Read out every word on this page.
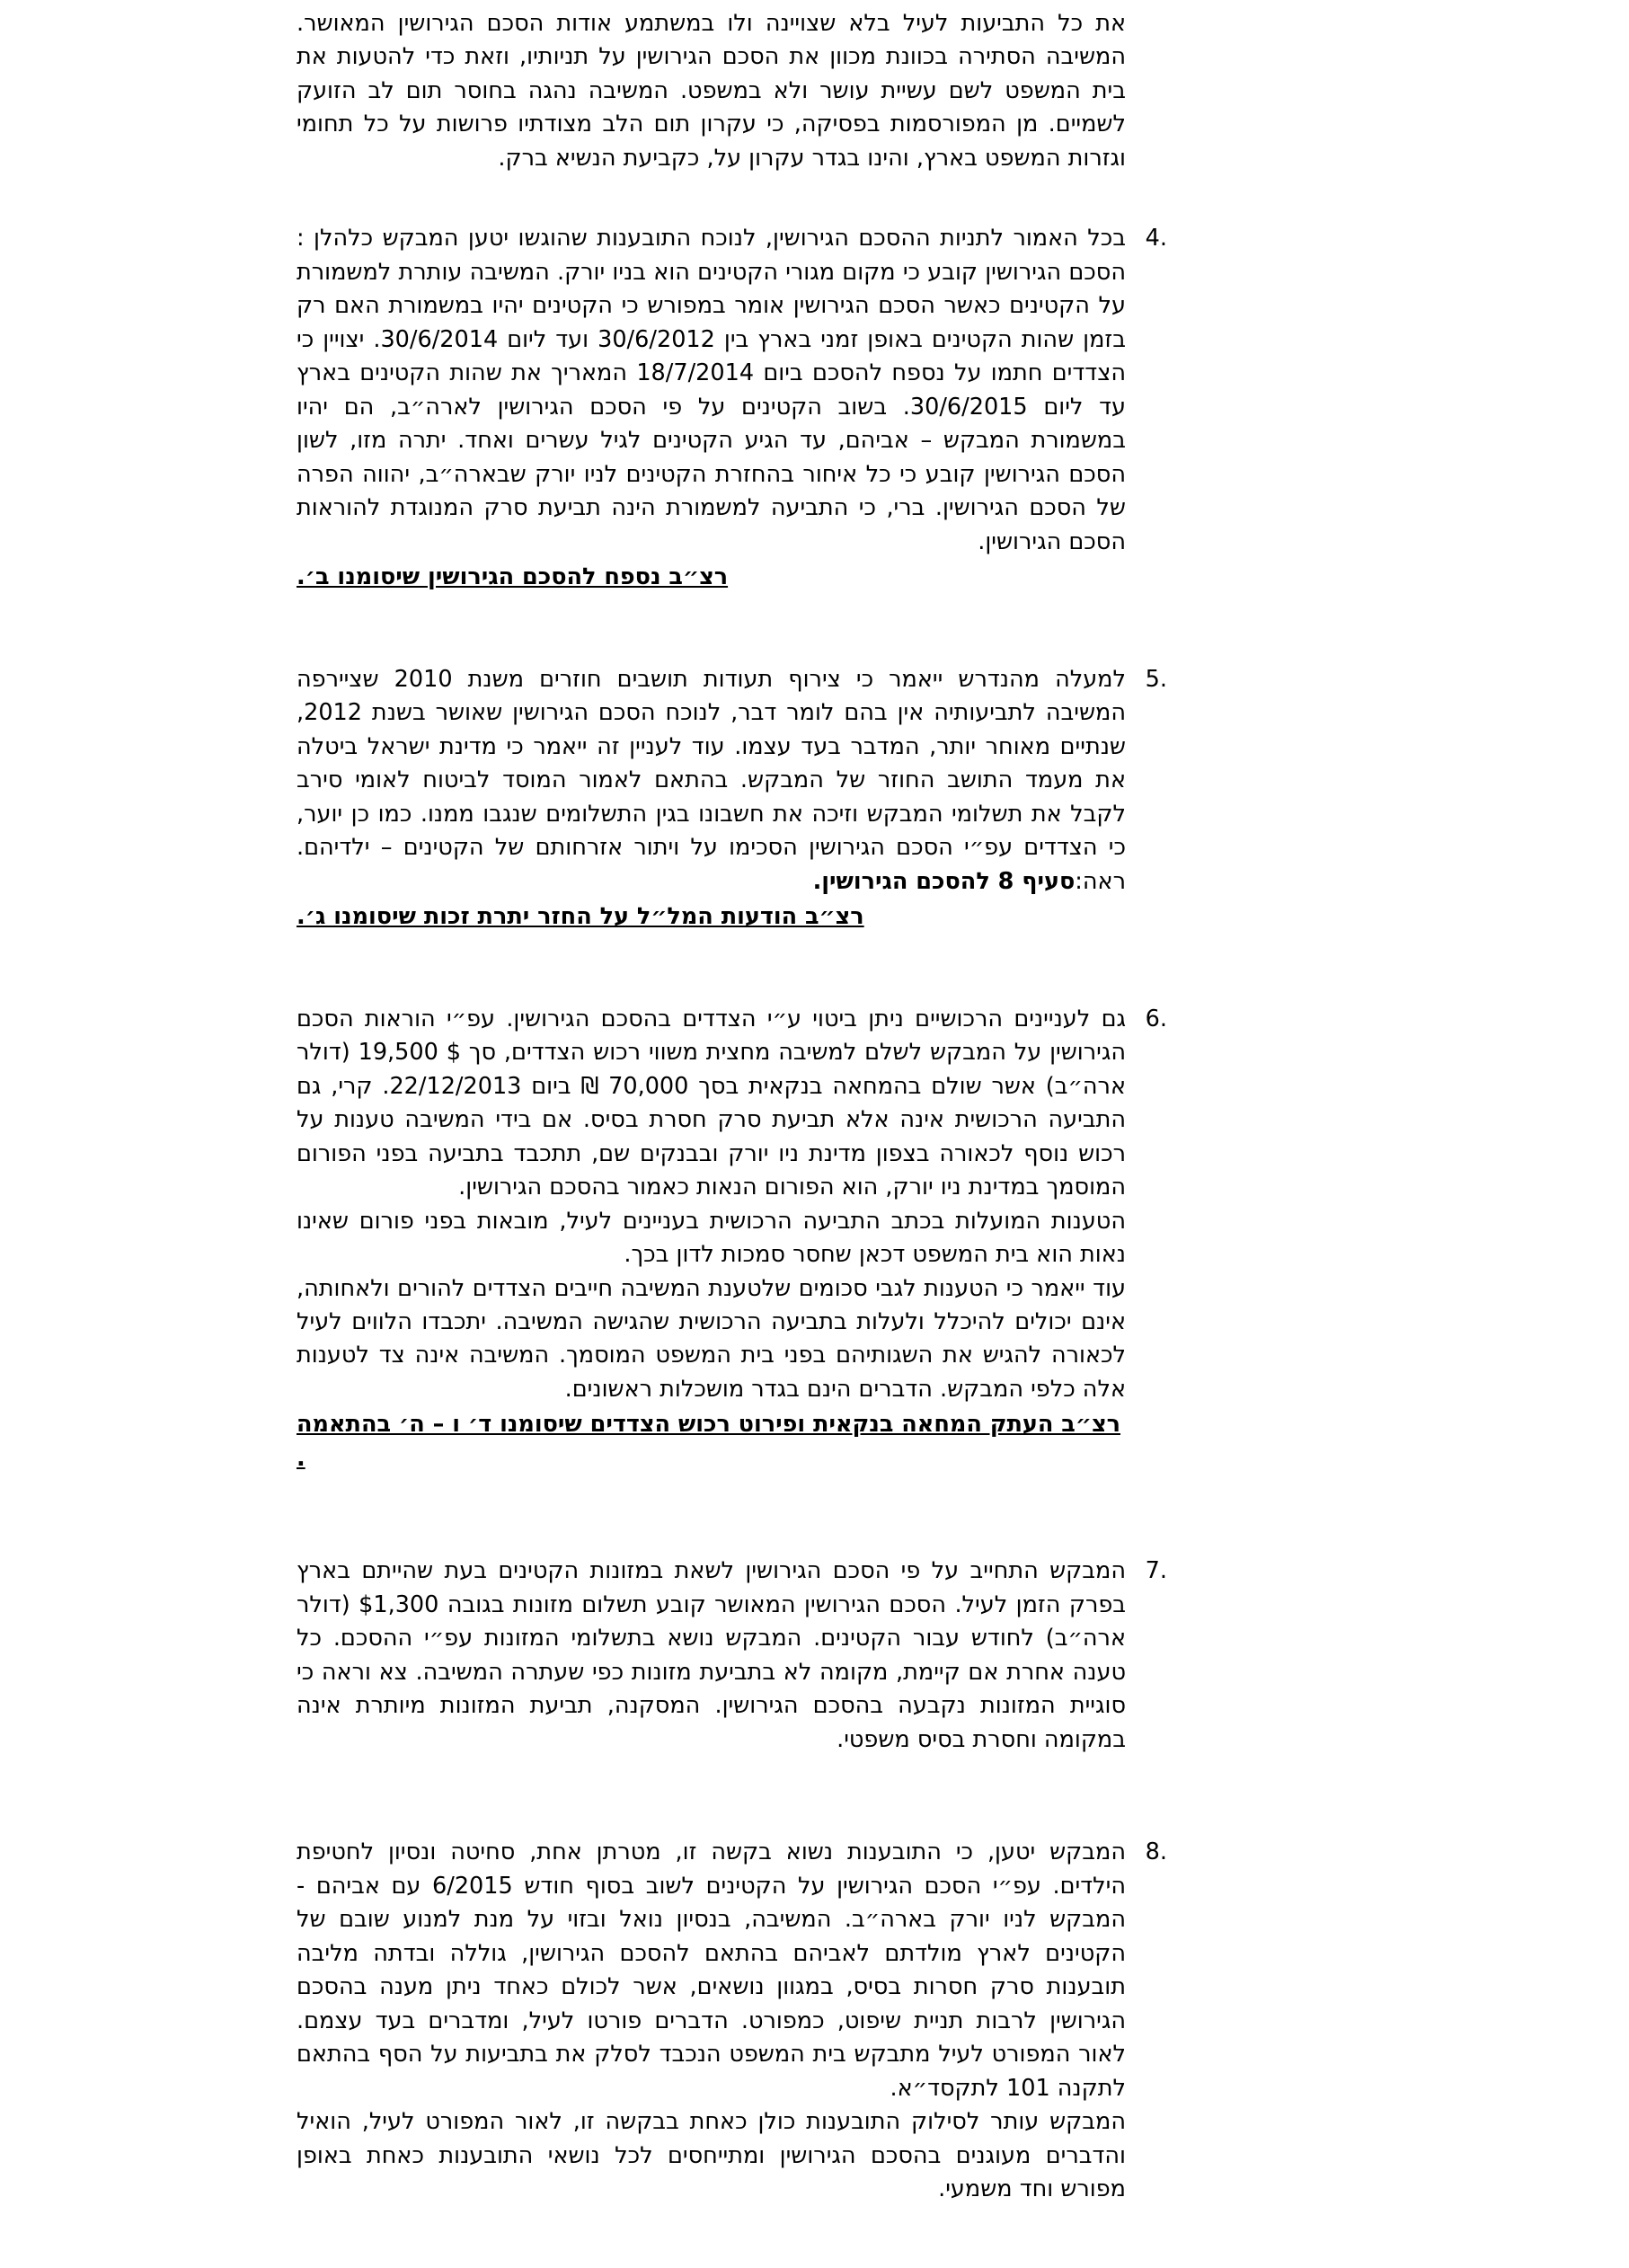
את כל התביעות לעיל בלא שצויינה ולו במשתמע אודות הסכם הגירושין המאושר. המשיבה הסתירה בכוונת מכוון את הסכם הגירושין על תניותיו, וזאת כדי להטעות את בית המשפט לשם עשיית עושר ולא במשפט. המשיבה נהגה בחוסר תום לב הזועק לשמיים. מן המפורסמות בפסיקה, כי עקרון תום הלב מצודתיו פרושות על כל תחומי וגזרות המשפט בארץ, והינו בגדר עקרון על, כקביעת הנשיא ברק.

4.

בכל האמור לתניות ההסכם הגירושין, לנוכח התובענות שהוגשו יטען המבקש כלהלן : הסכם הגירושין קובע כי מקום מגורי הקטינים הוא בניו יורק. המשיבה עותרת למשמורת על הקטינים כאשר הסכם הגירושין אומר במפורש כי הקטינים יהיו במשמורת האם רק בזמן שהות הקטינים באופן זמני בארץ בין 30/6/2012 ועד ליום 30/6/2014. יצויין כי הצדדים חתמו על נספח להסכם ביום 18/7/2014 המאריך את שהות הקטינים בארץ עד ליום 30/6/2015. בשוב הקטינים על פי הסכם הגירושין לארה״ב, הם יהיו במשמורת המבקש – אביהם, עד הגיע הקטינים לגיל עשרים ואחד. יתרה מזו, לשון הסכם הגירושין קובע כי כל איחור בהחזרת הקטינים לניו יורק שבארה״ב, יהווה הפרה של הסכם הגירושין. ברי, כי התביעה למשמורת הינה תביעת סרק המנוגדת להוראות הסכם הגירושין.

רצ״ב נספח להסכם הגירושין שיסומנו ב׳.

5.

למעלה מהנדרש ייאמר כי צירוף תעודות תושבים חוזרים משנת 2010 שציירפה המשיבה לתביעותיה אין בהם לומר דבר, לנוכח הסכם הגירושין שאושר בשנת 2012, שנתיים מאוחר יותר, המדבר בעד עצמו. עוד לעניין זה ייאמר כי מדינת ישראל ביטלה את מעמד התושב החוזר של המבקש. בהתאם לאמור המוסד לביטוח לאומי סירב לקבל את תשלומי המבקש וזיכה את חשבונו בגין התשלומים שנגבו ממנו. כמו כן יוער, כי הצדדים עפ״י הסכם הגירושין הסכימו על ויתור אזרחותם של הקטינים – ילדיהם. ראה:סעיף 8 להסכם הגירושין.

רצ״ב הודעות המל״ל על החזר יתרת זכות שיסומנו ג׳.

6.

גם לעניינים הרכושיים ניתן ביטוי ע״י הצדדים בהסכם הגירושין. עפ״י הוראות הסכם הגירושין על המבקש לשלם למשיבה מחצית משווי רכוש הצדדים, סך $ 19,500 (דולר ארה״ב) אשר שולם בהמחאה בנקאית בסך 70,000 ₪ ביום 22/12/2013. קרי, גם התביעה הרכושית אינה אלא תביעת סרק חסרת בסיס. אם בידי המשיבה טענות על רכוש נוסף לכאורה בצפון מדינת ניו יורק ובבנקים שם, תתכבד בתביעה בפני הפורום המוסמך במדינת ניו יורק, הוא הפורום הנאות כאמור בהסכם הגירושין.

הטענות המועלות בכתב התביעה הרכושית בעניינים לעיל, מובאות בפני פורום שאינו נאות הוא בית המשפט דכאן שחסר סמכות לדון בכך.

עוד ייאמר כי הטענות לגבי סכומים שלטענת המשיבה חייבים הצדדים להורים ולאחותה, אינם יכולים להיכלל ולעלות בתביעה הרכושית שהגישה המשיבה. יתכבדו הלווים לעיל לכאורה להגיש את השגותיהם בפני בית המשפט המוסמך. המשיבה אינה צד לטענות אלה כלפי המבקש. הדברים הינם בגדר מושכלות ראשונים.

רצ״ב העתק המחאה בנקאית ופירוט רכוש הצדדים שיסומנו ד׳ ו – ה׳ בהתאמה .

7.

המבקש התחייב על פי הסכם הגירושין לשאת במזונות הקטינים בעת שהייתם בארץ בפרק הזמן לעיל. הסכם הגירושין המאושר קובע תשלום מזונות בגובה $1,300 (דולר ארה״ב) לחודש עבור הקטינים. המבקש נושא בתשלומי המזונות עפ״י ההסכם. כל טענה אחרת אם קיימת, מקומה לא בתביעת מזונות כפי שעתרה המשיבה. צא וראה כי סוגיית המזונות נקבעה בהסכם הגירושין. המסקנה, תביעת המזונות מיותרת אינה במקומה וחסרת בסיס משפטי.

8.

המבקש יטען, כי התובענות נשוא בקשה זו, מטרתן אחת, סחיטה ונסיון לחטיפת הילדים. עפ״י הסכם הגירושין על הקטינים לשוב בסוף חודש 6/2015 עם אביהם - המבקש לניו יורק בארה״ב. המשיבה, בנסיון נואל ובזוי על מנת למנוע שובם של הקטינים לארץ מולדתם לאביהם בהתאם להסכם הגירושין, גוללה ובדתה מליבה תובענות סרק חסרות בסיס, במגוון נושאים, אשר לכולם כאחד ניתן מענה בהסכם הגירושין לרבות תניית שיפוט, כמפורט. הדברים פורטו לעיל, ומדברים בעד עצמם. לאור המפורט לעיל מתבקש בית המשפט הנכבד לסלק את בתביעות על הסף בהתאם לתקנה 101 לתקסד״א.

המבקש עותר לסילוק התובענות כולן כאחת בבקשה זו, לאור המפורט לעיל, הואיל והדברים מעוגנים בהסכם הגירושין ומתייחסים לכל נושאי התובענות כאחת באופן מפורש וחד משמעי.
